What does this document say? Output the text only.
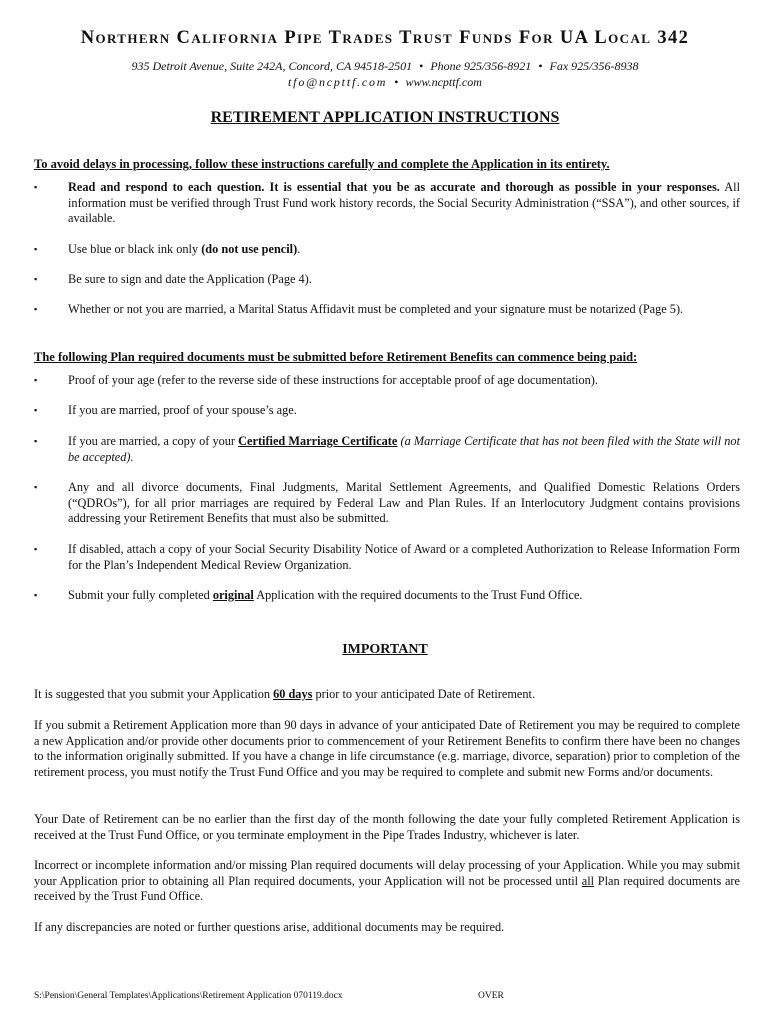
Northern California Pipe Trades Trust Funds For UA Local 342
935 Detroit Avenue, Suite 242A, Concord, CA 94518-2501 • Phone 925/356-8921 • Fax 925/356-8938
tfo@ncpttf.com • www.ncpttf.com
RETIREMENT APPLICATION INSTRUCTIONS
To avoid delays in processing, follow these instructions carefully and complete the Application in its entirety.
▪	Read and respond to each question. It is essential that you be as accurate and thorough as possible in your responses. All information must be verified through Trust Fund work history records, the Social Security Administration (“SSA”), and other sources, if available.
▪	Use blue or black ink only (do not use pencil).
▪	Be sure to sign and date the Application (Page 4).
▪	Whether or not you are married, a Marital Status Affidavit must be completed and your signature must be notarized (Page 5).
The following Plan required documents must be submitted before Retirement Benefits can commence being paid:
▪	Proof of your age (refer to the reverse side of these instructions for acceptable proof of age documentation).
▪	If you are married, proof of your spouse’s age.
▪	If you are married, a copy of your Certified Marriage Certificate (a Marriage Certificate that has not been filed with the State will not be accepted).
▪	Any and all divorce documents, Final Judgments, Marital Settlement Agreements, and Qualified Domestic Relations Orders (“QDROs”), for all prior marriages are required by Federal Law and Plan Rules. If an Interlocutory Judgment contains provisions addressing your Retirement Benefits that must also be submitted.
▪	If disabled, attach a copy of your Social Security Disability Notice of Award or a completed Authorization to Release Information Form for the Plan’s Independent Medical Review Organization.
▪	Submit your fully completed original Application with the required documents to the Trust Fund Office.
IMPORTANT
It is suggested that you submit your Application 60 days prior to your anticipated Date of Retirement.
If you submit a Retirement Application more than 90 days in advance of your anticipated Date of Retirement you may be required to complete a new Application and/or provide other documents prior to commencement of your Retirement Benefits to confirm there have been no changes to the information originally submitted. If you have a change in life circumstance (e.g. marriage, divorce, separation) prior to completion of the retirement process, you must notify the Trust Fund Office and you may be required to complete and submit new Forms and/or documents.
Your Date of Retirement can be no earlier than the first day of the month following the date your fully completed Retirement Application is received at the Trust Fund Office, or you terminate employment in the Pipe Trades Industry, whichever is later.
Incorrect or incomplete information and/or missing Plan required documents will delay processing of your Application. While you may submit your Application prior to obtaining all Plan required documents, your Application will not be processed until all Plan required documents are received by the Trust Fund Office.
If any discrepancies are noted or further questions arise, additional documents may be required.
S:\Pension\General Templates\Applications\Retirement Application 070119.docx	OVER
